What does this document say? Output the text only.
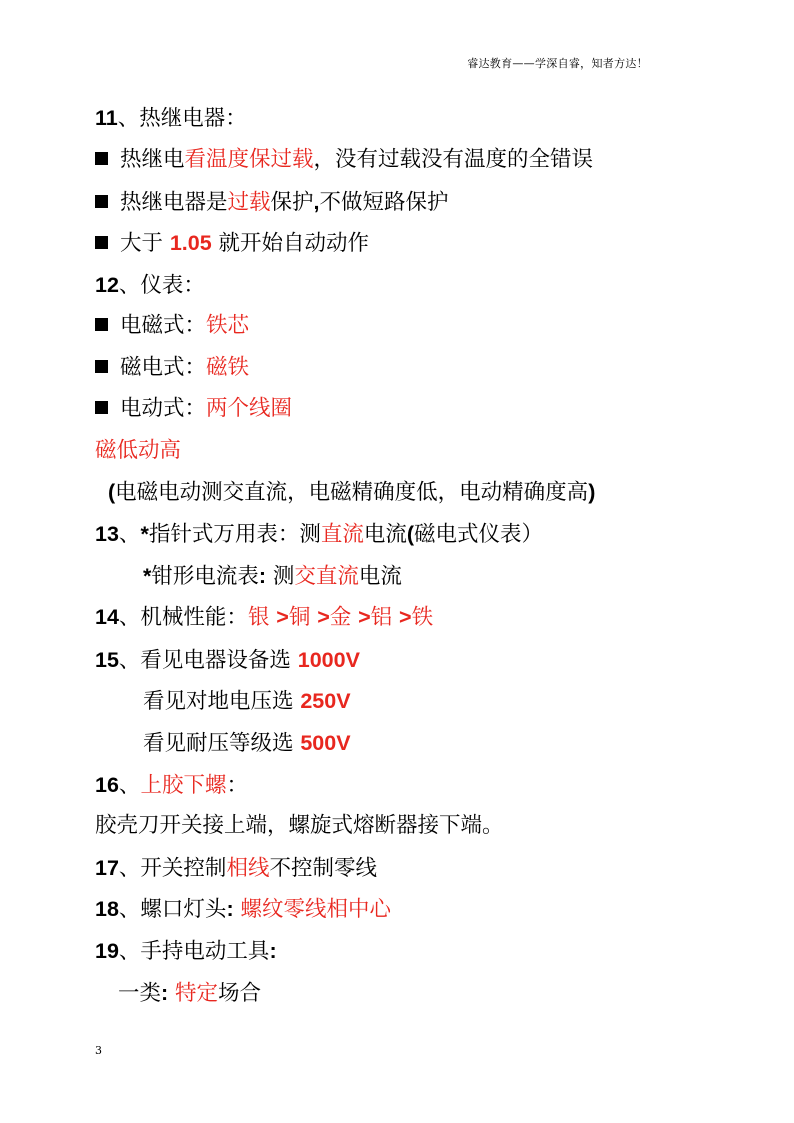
睿达教育——学深自睿，知者方达！
11、热继电器：
热继电看温度保过载，没有过载没有温度的全错误
热继电器是过载保护,不做短路保护
大于 1.05 就开始自动动作
12、仪表：
电磁式：铁芯
磁电式：磁铁
电动式：两个线圈
磁低动高
(电磁电动测交直流，电磁精确度低，电动精确度高)
13、*指针式万用表：测直流电流(磁电式仪表）
*钳形电流表: 测交直流电流
14、机械性能：银 >铜 >金 >铝 >铁
15、看见电器设备选 1000V
看见对地电压选 250V
看见耐压等级选 500V
16、上胶下螺：
胶壳刀开关接上端，螺旋式熔断器接下端。
17、开关控制相线不控制零线
18、螺口灯头: 螺纹零线相中心
19、手持电动工具:
一类: 特定场合
3
